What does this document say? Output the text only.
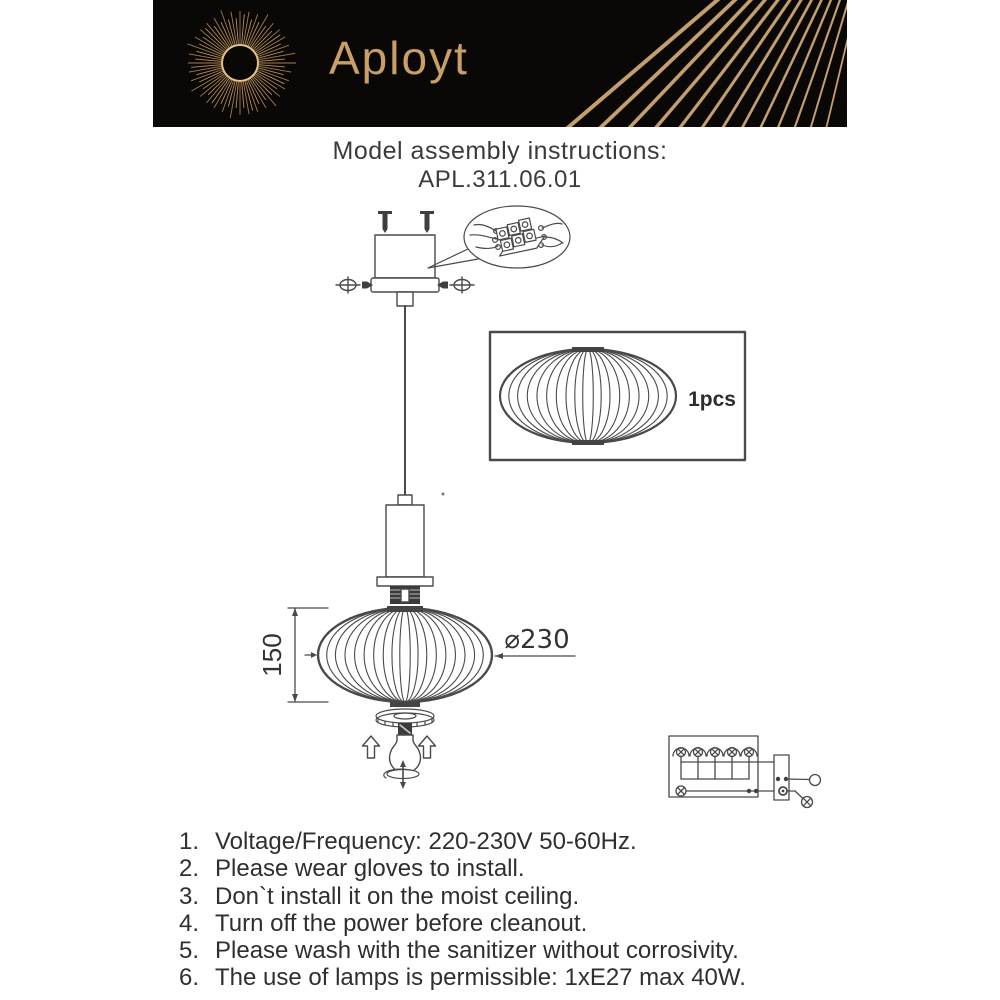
Aployt
Model assembly instructions:
APL.311.06.01
1pcs
150	⌀230
1. Voltage/Frequency: 220-230V 50-60Hz.
2. Please wear gloves to install.
3. Don`t install it on the moist ceiling.
4. Turn off the power before cleanout.
5. Please wash with the sanitizer without corrosivity.
6. The use of lamps is permissible: 1xE27 max 40W.
